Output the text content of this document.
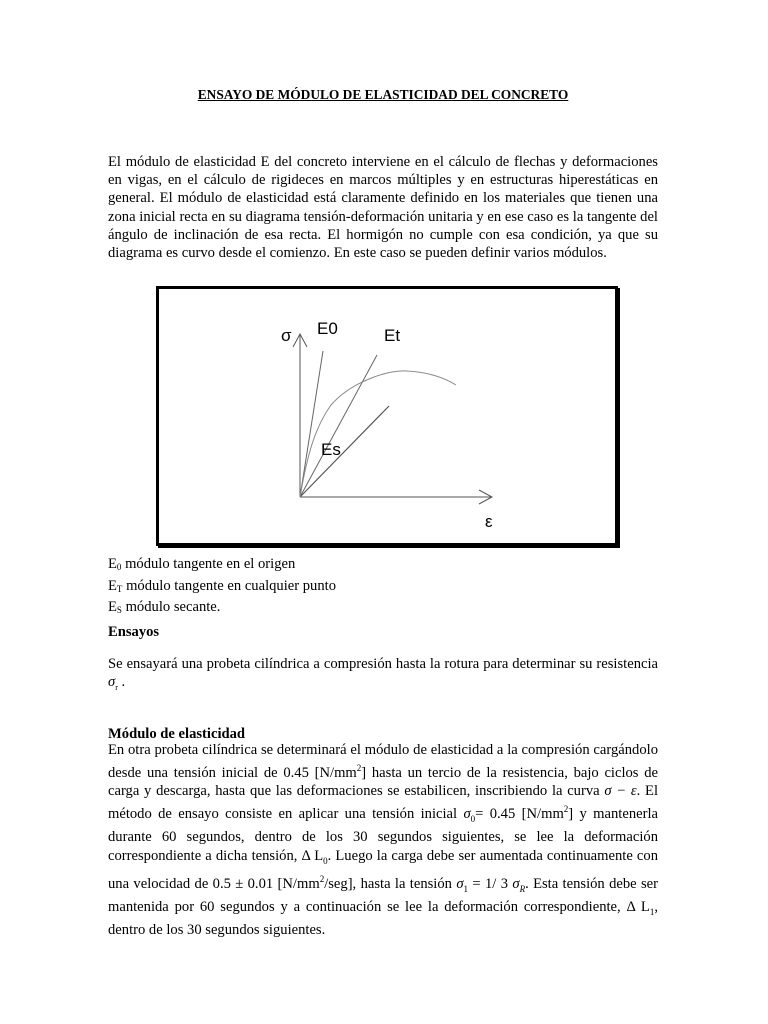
ENSAYO DE MÓDULO DE ELASTICIDAD DEL CONCRETO

El módulo de elasticidad E del concreto interviene en el cálculo de flechas y deformaciones en vigas, en el cálculo de rigideces en marcos múltiples y en estructuras hiperestáticas en general. El módulo de elasticidad está claramente definido en los materiales que tienen una zona inicial recta en su diagrama tensión-deformación unitaria y en ese caso es la tangente del ángulo de inclinación de esa recta. El hormigón no cumple con esa condición, ya que su diagrama es curvo desde el comienzo. En este caso se pueden definir varios módulos.

σ E0	Et
Es
ε
$E_0$ módulo tangente en el origen
$E_T$ módulo tangente en cualquier punto
$E_S$ módulo secante.
Ensayos

Se ensayará una probeta cilíndrica a compresión hasta la rotura para determinar su resistencia $\sigma_r$ .

Módulo de elasticidad

En otra probeta cilíndrica se determinará el módulo de elasticidad a la compresión cargándolo desde una tensión inicial de 0.45 $[N/mm^2]$ hasta un tercio de la resistencia, bajo ciclos de carga y descarga, hasta que las deformaciones se estabilicen, inscribiendo la curva σ − ε. El método de ensayo consiste en aplicar una tensión inicial $\sigma_0= 0.45$ $[N/mm^2]$ y mantenerla durante 60 segundos, dentro de los 30 segundos siguientes, se lee la deformación correspondiente a dicha tensión, Δ $L_0$. Luego la carga debe ser aumentada continuamente con una velocidad de 0.5 ± 0.01 $[N/mm^2/seg]$, hasta la tensión $\sigma_1 = 1/$ 3 $\sigma_R$. Esta tensión debe ser mantenida por 60 segundos y a continuación se lee la deformación correspondiente, Δ $L_1$, dentro de los 30 segundos siguientes.
